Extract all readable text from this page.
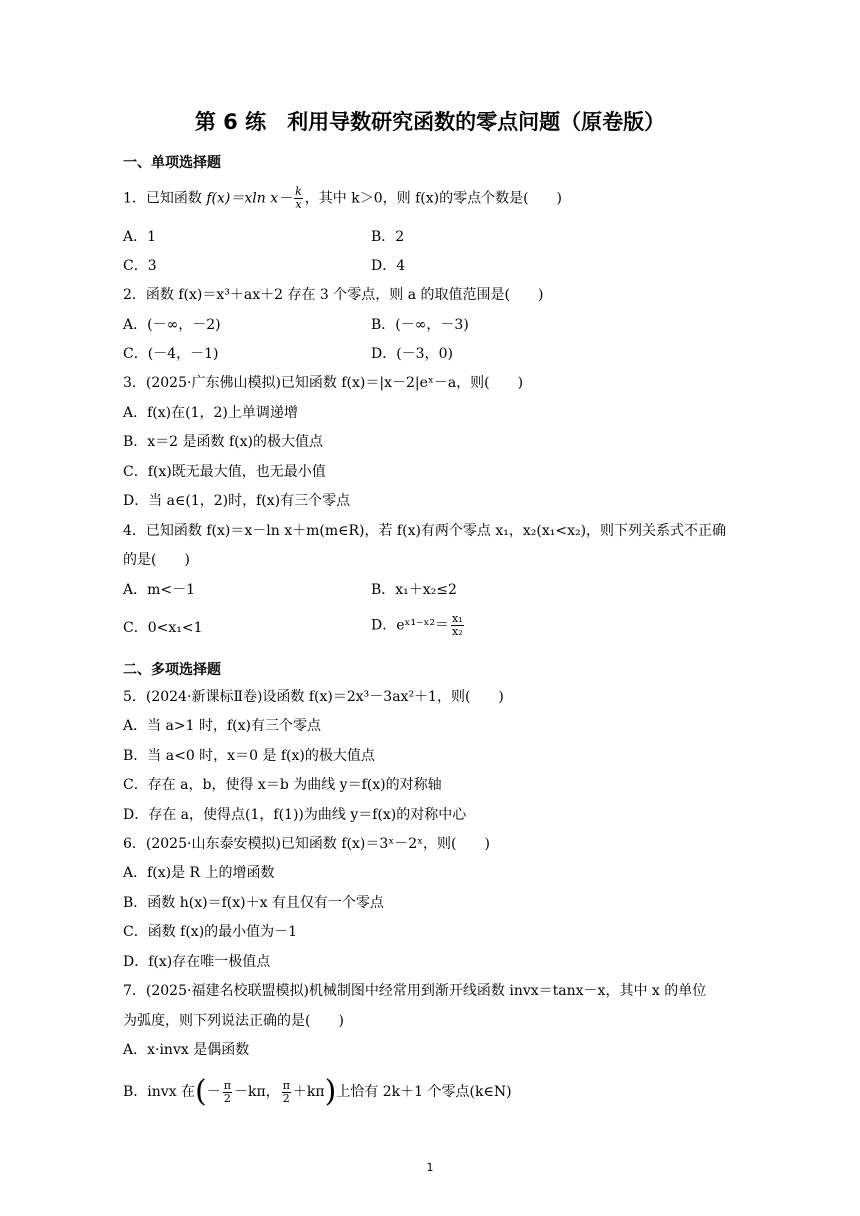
第 6 练　利用导数研究函数的零点问题（原卷版）
一、单项选择题
1．已知函数 f(x)＝xln $x- \frac{k}{x}$ ，其中 k＞0，则 f(x)的零点个数是(　　)
A．1	B．2
C．3	D．4
2．函数 f(x)＝x³＋ax＋2 存在 3 个零点，则 a 的取值范围是(　　)
A．(－∞，－2)	B．(－∞，－3)
C．(－4，－1)	D．(－3，0)
3．(2025·广东佛山模拟)已知函数 f(x)＝|x－2|eˣ－a，则(　　)
A．f(x)在(1，2)上单调递增
B．x＝2 是函数 f(x)的极大值点
C．f(x)既无最大值，也无最小值
D．当 a∈(1，2)时，f(x)有三个零点
4．已知函数 f(x)＝x－ln x＋m(m∈R)，若 f(x)有两个零点 x₁，x₂(x₁<x₂)，则下列关系式不正确
的是(　　)
A．m<－1	B．x₁＋x₂≤2
C．0<x₁<1	D．eˣ¹⁻ˣ²＝ $\frac{\text{x₁}}{\text{x₂}}$
二、多项选择题
5．(2024·新课标Ⅱ卷)设函数 f(x)＝2x³－3ax²＋1，则(　　)
A．当 a>1 时，f(x)有三个零点
B．当 a<0 时，x＝0 是 f(x)的极大值点
C．存在 a，b，使得 x＝b 为曲线 y＝f(x)的对称轴
D．存在 a，使得点(1，f(1))为曲线 y＝f(x)的对称中心
6．(2025·山东泰安模拟)已知函数 f(x)＝3ˣ－2ˣ，则(　　)
A．f(x)是 R 上的增函数
B．函数 h(x)＝f(x)＋x 有且仅有一个零点
C．函数 f(x)的最小值为－1
D．f(x)存在唯一极值点
7．(2025·福建名校联盟模拟)机械制图中经常用到渐开线函数 invx＝tanx－x，其中 x 的单位
为弧度，则下列说法正确的是(　　)
A．x·invx 是偶函数
B．invx 在(－ $\frac{\pi}{2} -k\pi$， $\frac{\pi}{2} +k\pi$)上恰有 2k＋1 个零点(k∈N)
1
